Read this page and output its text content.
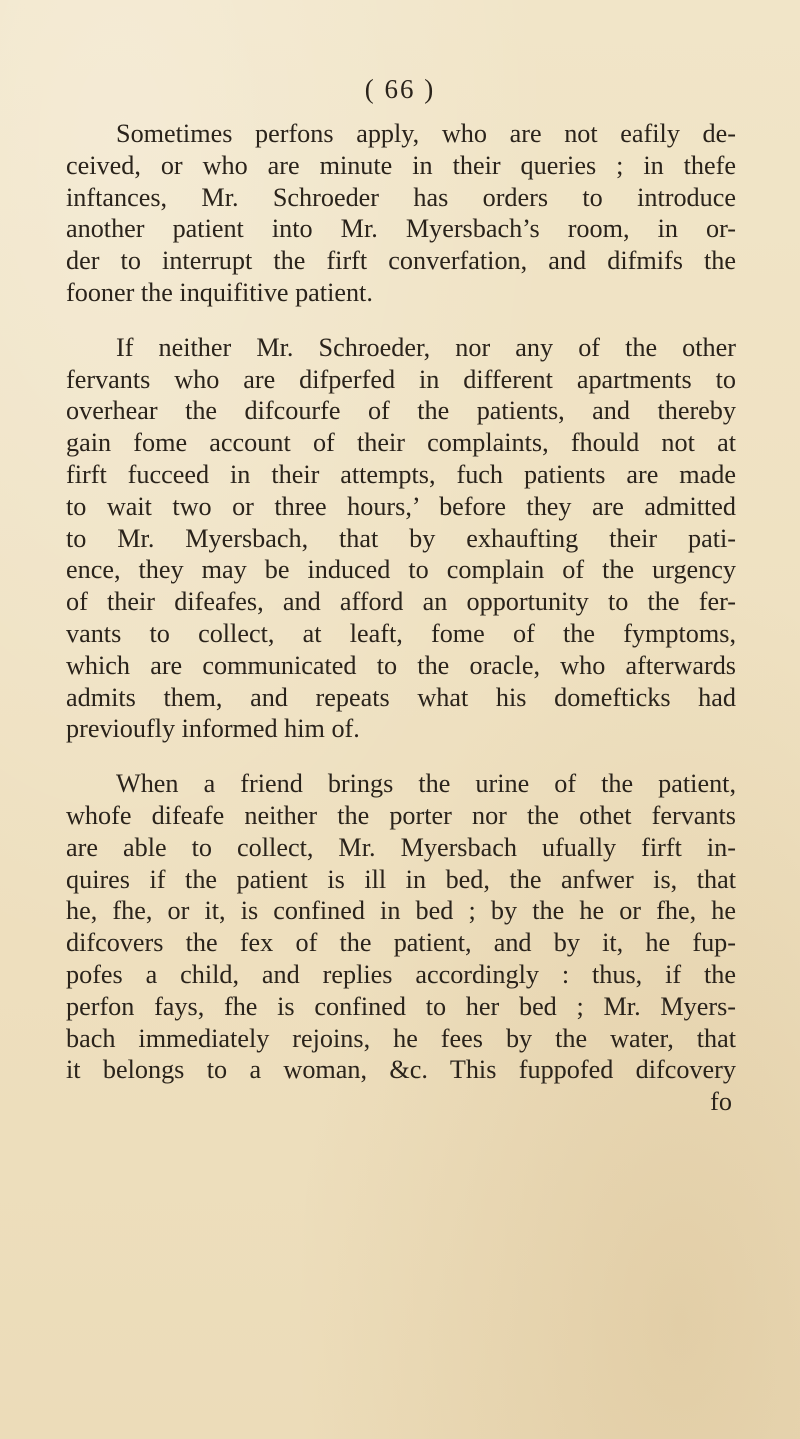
( 66 )

Sometimes perfons apply, who are not eafily de-
ceived, or who are minute in their queries ; in thefe
inftances, Mr. Schroeder has orders to introduce
another patient into Mr. Myersbach’s room, in or-
der to interrupt the firft converfation, and difmifs the
fooner the inquifitive patient.

If neither Mr. Schroeder, nor any of the other
fervants who are difperfed in different apartments to
overhear the difcourfe of the patients, and thereby
gain fome account of their complaints, fhould not at
firft fucceed in their attempts, fuch patients are made
to wait two or three hours,’ before they are admitted
to Mr. Myersbach, that by exhaufting their pati-
ence, they may be induced to complain of the urgency
of their difeafes, and afford an opportunity to the fer-
vants to collect, at leaft, fome of the fymptoms,
which are communicated to the oracle, who afterwards
admits them, and repeats what his domefticks had
previoufly informed him of.

When a friend brings the urine of the patient,
whofe difeafe neither the porter nor the othet fervants
are able to collect, Mr. Myersbach ufually firft in-
quires if the patient is ill in bed, the anfwer is, that
he, fhe, or it, is confined in bed ; by the he or fhe, he
difcovers the fex of the patient, and by it, he fup-
pofes a child, and replies accordingly : thus, if the
perfon fays, fhe is confined to her bed ; Mr. Myers-
bach immediately rejoins, he fees by the water, that
it belongs to a woman, &c. This fuppofed difcovery
fo
